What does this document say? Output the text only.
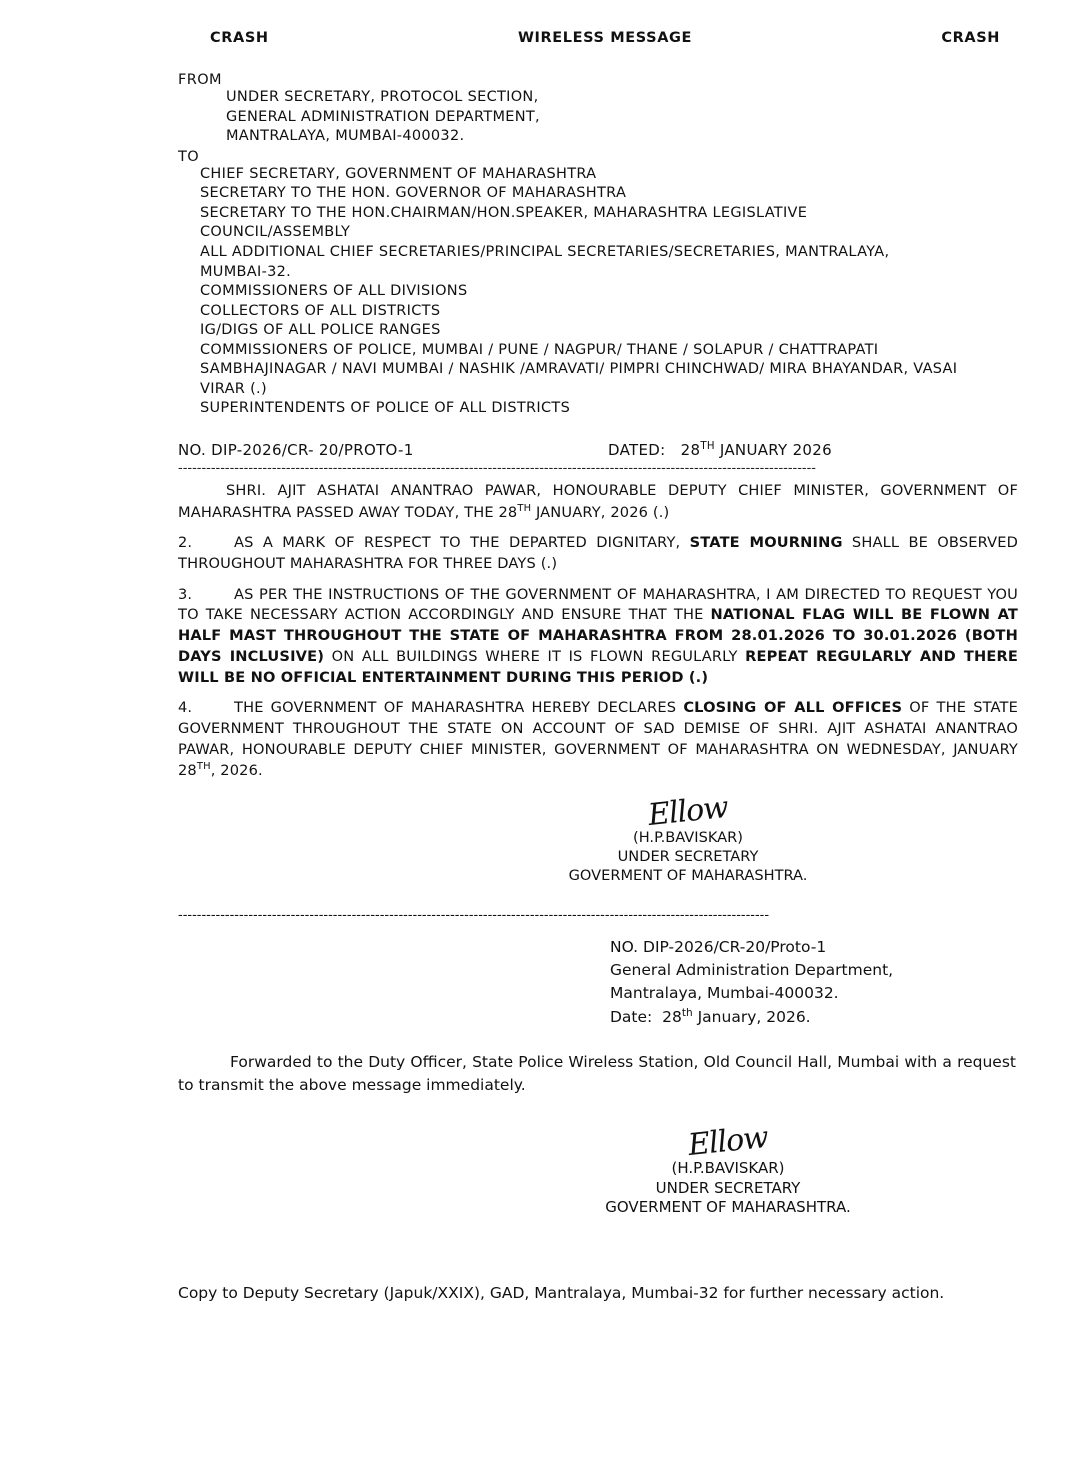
CRASH	WIRELESS MESSAGE	CRASH
FROM
UNDER SECRETARY, PROTOCOL SECTION,
GENERAL ADMINISTRATION DEPARTMENT,
MANTRALAYA, MUMBAI-400032.
TO
CHIEF SECRETARY, GOVERNMENT OF MAHARASHTRA
SECRETARY TO THE HON. GOVERNOR OF MAHARASHTRA
SECRETARY TO THE HON.CHAIRMAN/HON.SPEAKER, MAHARASHTRA LEGISLATIVE
COUNCIL/ASSEMBLY
ALL ADDITIONAL CHIEF SECRETARIES/PRINCIPAL SECRETARIES/SECRETARIES, MANTRALAYA,
MUMBAI-32.
COMMISSIONERS OF ALL DIVISIONS
COLLECTORS OF ALL DISTRICTS
IG/DIGS OF ALL POLICE RANGES
COMMISSIONERS OF POLICE, MUMBAI / PUNE / NAGPUR/ THANE / SOLAPUR / CHATTRAPATI
SAMBHAJINAGAR / NAVI MUMBAI / NASHIK /AMRAVATI/ PIMPRI CHINCHWAD/ MIRA BHAYANDAR, VASAI
VIRAR (.)
SUPERINTENDENTS OF POLICE OF ALL DISTRICTS
NO. DIP-2026/CR- 20/PROTO-1	DATED: 28TH JANUARY 2026
----------------------------------------------------------------------------------------------------------------------------------------
SHRI. AJIT ASHATAI ANANTRAO PAWAR, HONOURABLE DEPUTY CHIEF MINISTER, GOVERNMENT OF MAHARASHTRA PASSED AWAY TODAY, THE 28TH JANUARY, 2026 (.)
2.	AS A MARK OF RESPECT TO THE DEPARTED DIGNITARY, STATE MOURNING SHALL BE OBSERVED THROUGHOUT MAHARASHTRA FOR THREE DAYS (.)
3.	AS PER THE INSTRUCTIONS OF THE GOVERNMENT OF MAHARASHTRA, I AM DIRECTED TO REQUEST YOU TO TAKE NECESSARY ACTION ACCORDINGLY AND ENSURE THAT THE NATIONAL FLAG WILL BE FLOWN AT HALF MAST THROUGHOUT THE STATE OF MAHARASHTRA FROM 28.01.2026 TO 30.01.2026 (BOTH DAYS INCLUSIVE) ON ALL BUILDINGS WHERE IT IS FLOWN REGULARLY REPEAT REGULARLY AND THERE WILL BE NO OFFICIAL ENTERTAINMENT DURING THIS PERIOD (.)
4.	THE GOVERNMENT OF MAHARASHTRA HEREBY DECLARES CLOSING OF ALL OFFICES OF THE STATE GOVERNMENT THROUGHOUT THE STATE ON ACCOUNT OF SAD DEMISE OF SHRI. AJIT ASHATAI ANANTRAO PAWAR, HONOURABLE DEPUTY CHIEF MINISTER, GOVERNMENT OF MAHARASHTRA ON WEDNESDAY, JANUARY 28TH, 2026.
Ellow
(H.P.BAVISKAR)
UNDER SECRETARY
GOVERMENT OF MAHARASHTRA.
------------------------------------------------------------------------------------------------------------------------------
NO. DIP-2026/CR-20/Proto-1
General Administration Department,
Mantralaya, Mumbai-400032.
Date: 28th January, 2026.
Forwarded to the Duty Officer, State Police Wireless Station, Old Council Hall, Mumbai with a request to transmit the above message immediately.
Ellow
(H.P.BAVISKAR)
UNDER SECRETARY
GOVERMENT OF MAHARASHTRA.
Copy to Deputy Secretary (Japuk/XXIX), GAD, Mantralaya, Mumbai-32 for further necessary action.
